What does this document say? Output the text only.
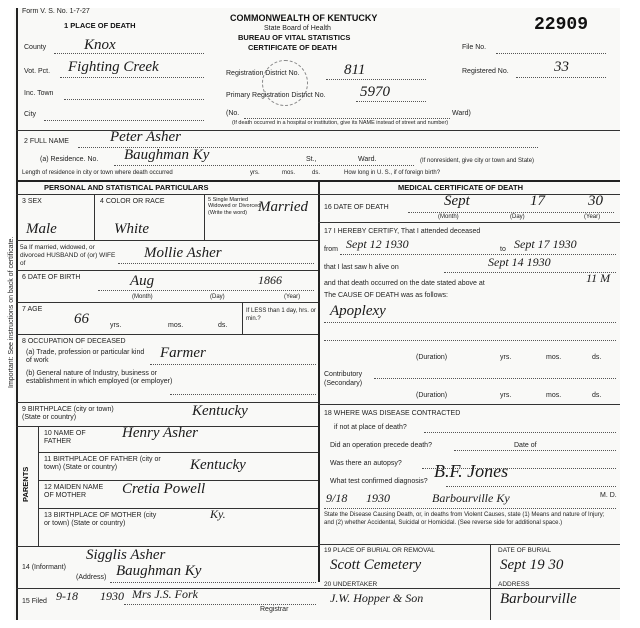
Important: See instructions on back of certificate.
Form V. S. No. 1-7-27
1 PLACE OF DEATH
COMMONWEALTH OF KENTUCKY
State Board of Health
BUREAU OF VITAL STATISTICS
CERTIFICATE OF DEATH
22909
County	Knox
Vot. Pct. Fighting Creek
Inc. Town
City
Registration District No.	811
Primary Registration District No. 5970
(No.	Ward)
(If death occurred in a hospital or institution, give its NAME instead of street and number)
File No.
Registered No.	33
2 FULL NAME	Peter Asher
(a) Residence. No. Baughman Ky	St.,	Ward.	(If nonresident, give city or town and State)
Length of residence in city or town where death occurred	yrs.	mos.	ds.	How long in U. S., if of foreign birth?
PERSONAL AND STATISTICAL PARTICULARS	MEDICAL CERTIFICATE OF DEATH
3 SEX
Male
4 COLOR OR RACE
White
5 Single Married Widowed or Divorced (Write the word) Married
5a If married, widowed, or divorced HUSBAND of (or) WIFE of
Mollie Asher
6 DATE OF BIRTH	Aug	1866
(Month)	(Day)	(Year)
7 AGE
66	yrs.	mos.	ds.
If LESS than 1 day, hrs. or min.?
8 OCCUPATION OF DECEASED
(a) Trade, profession or particular kind of work	Farmer
(b) General nature of Industry, business or establishment in which employed (or employer)
9 BIRTHPLACE (city or town) (State or country)	Kentucky
PARENTS
10 NAME OF FATHER
Henry Asher
11 BIRTHPLACE OF FATHER (city or town) (State or country)	Kentucky
12 MAIDEN NAME OF MOTHER	Cretia Powell
13 BIRTHPLACE OF MOTHER (city or town) (State or country)
Ky.
14 (Informant)
Sigglis Asher
(Address) Baughman Ky
15 Filed 9-18 1930 Mrs J.S. Fork
Registrar
16 DATE OF DEATH	Sept	17	30
(Month)	(Day)	(Year)
17 I HEREBY CERTIFY, That I attended deceased
from Sept 12 1930	to Sept 17 1930
that I last saw h alive on	Sept 14 1930
and that death occurred on the date stated above at	11 M
The CAUSE OF DEATH was as follows:
Apoplexy
(Duration)	yrs.	mos.	ds.
Contributory (Secondary)
(Duration)	yrs.	mos.	ds.
18 WHERE WAS DISEASE CONTRACTED
if not at place of death?
Did an operation precede death?	Date of
Was there an autopsy?
What test confirmed diagnosis?
B.F. Jones
M. D.
9/18 1930	Barbourville Ky
State the Disease Causing Death, or, in deaths from Violent Causes, state (1) Means and nature of Injury; and (2) whether Accidental, Suicidal or Homicidal. (See reverse side for additional space.)
19 PLACE OF BURIAL OR REMOVAL
Scott Cemetery
DATE OF BURIAL
Sept 19 30
20 UNDERTAKER
J.W. Hopper & Son
ADDRESS
Barbourville
